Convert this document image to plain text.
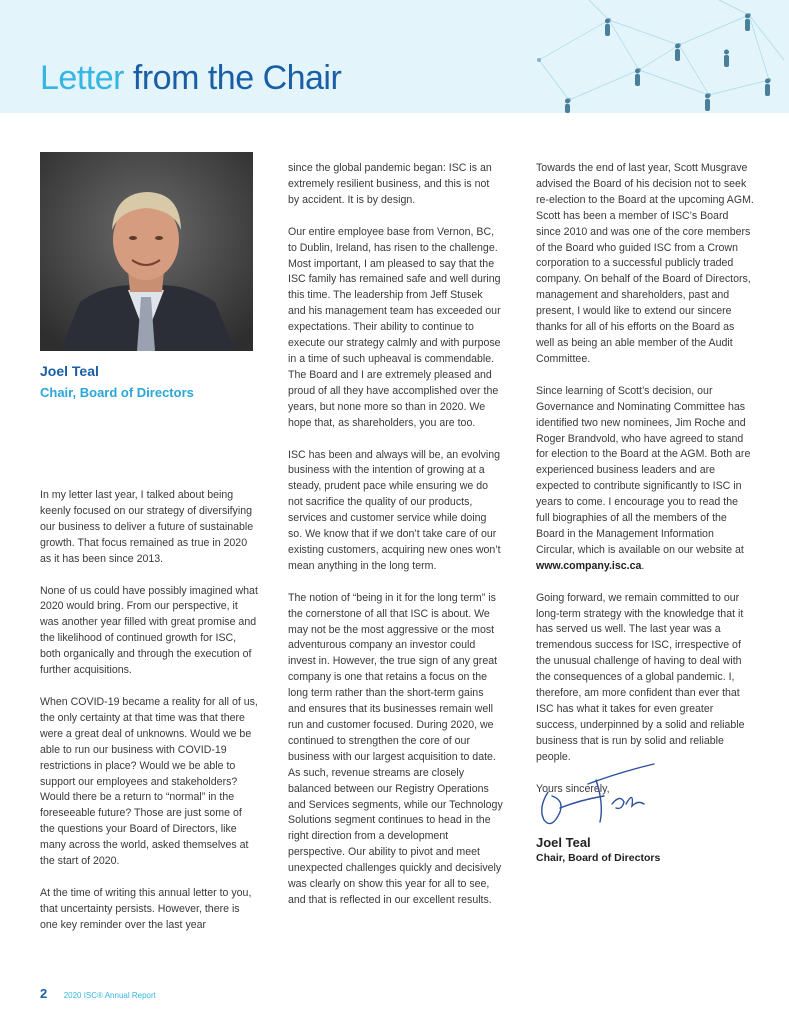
Letter from the Chair
Joel Teal
Chair, Board of Directors

In my letter last year, I talked about being keenly focused on our strategy of diversifying our business to deliver a future of sustainable growth. That focus remained as true in 2020 as it has been since 2013.

None of us could have possibly imagined what 2020 would bring. From our perspective, it was another year filled with great promise and the likelihood of continued growth for ISC, both organically and through the execution of further acquisitions.

When COVID-19 became a reality for all of us, the only certainty at that time was that there were a great deal of unknowns. Would we be able to run our business with COVID-19 restrictions in place? Would we be able to support our employees and stakeholders? Would there be a return to “normal” in the foreseeable future? Those are just some of the questions your Board of Directors, like many across the world, asked themselves at the start of 2020.

At the time of writing this annual letter to you, that uncertainty persists. However, there is one key reminder over the last year

since the global pandemic began: ISC is an extremely resilient business, and this is not by accident. It is by design.

Our entire employee base from Vernon, BC, to Dublin, Ireland, has risen to the challenge. Most important, I am pleased to say that the ISC family has remained safe and well during this time. The leadership from Jeff Stusek and his management team has exceeded our expectations. Their ability to continue to execute our strategy calmly and with purpose in a time of such upheaval is commendable. The Board and I are extremely pleased and proud of all they have accomplished over the years, but none more so than in 2020. We hope that, as shareholders, you are too.

ISC has been and always will be, an evolving business with the intention of growing at a steady, prudent pace while ensuring we do not sacrifice the quality of our products, services and customer service while doing so. We know that if we don’t take care of our existing customers, acquiring new ones won’t mean anything in the long term.

The notion of “being in it for the long term” is the cornerstone of all that ISC is about. We may not be the most aggressive or the most adventurous company an investor could invest in. However, the true sign of any great company is one that retains a focus on the long term rather than the short-term gains and ensures that its businesses remain well run and customer focused. During 2020, we continued to strengthen the core of our business with our largest acquisition to date. As such, revenue streams are closely balanced between our Registry Operations and Services segments, while our Technology Solutions segment continues to head in the right direction from a development perspective. Our ability to pivot and meet unexpected challenges quickly and decisively was clearly on show this year for all to see, and that is reflected in our excellent results.

Towards the end of last year, Scott Musgrave advised the Board of his decision not to seek re-election to the Board at the upcoming AGM. Scott has been a member of ISC’s Board since 2010 and was one of the core members of the Board who guided ISC from a Crown corporation to a successful publicly traded company. On behalf of the Board of Directors, management and shareholders, past and present, I would like to extend our sincere thanks for all of his efforts on the Board as well as being an able member of the Audit Committee.

Since learning of Scott’s decision, our Governance and Nominating Committee has identified two new nominees, Jim Roche and Roger Brandvold, who have agreed to stand for election to the Board at the AGM. Both are experienced business leaders and are expected to contribute significantly to ISC in years to come. I encourage you to read the full biographies of all the members of the Board in the Management Information Circular, which is available on our website at www.company.isc.ca.

Going forward, we remain committed to our long-term strategy with the knowledge that it has served us well. The last year was a tremendous success for ISC, irrespective of the unusual challenge of having to deal with the consequences of a global pandemic. I, therefore, am more confident than ever that ISC has what it takes for even greater success, underpinned by a solid and reliable business that is run by solid and reliable people.

Yours sincerely,

Joel Teal
Chair, Board of Directors
2 2020 ISC® Annual Report
